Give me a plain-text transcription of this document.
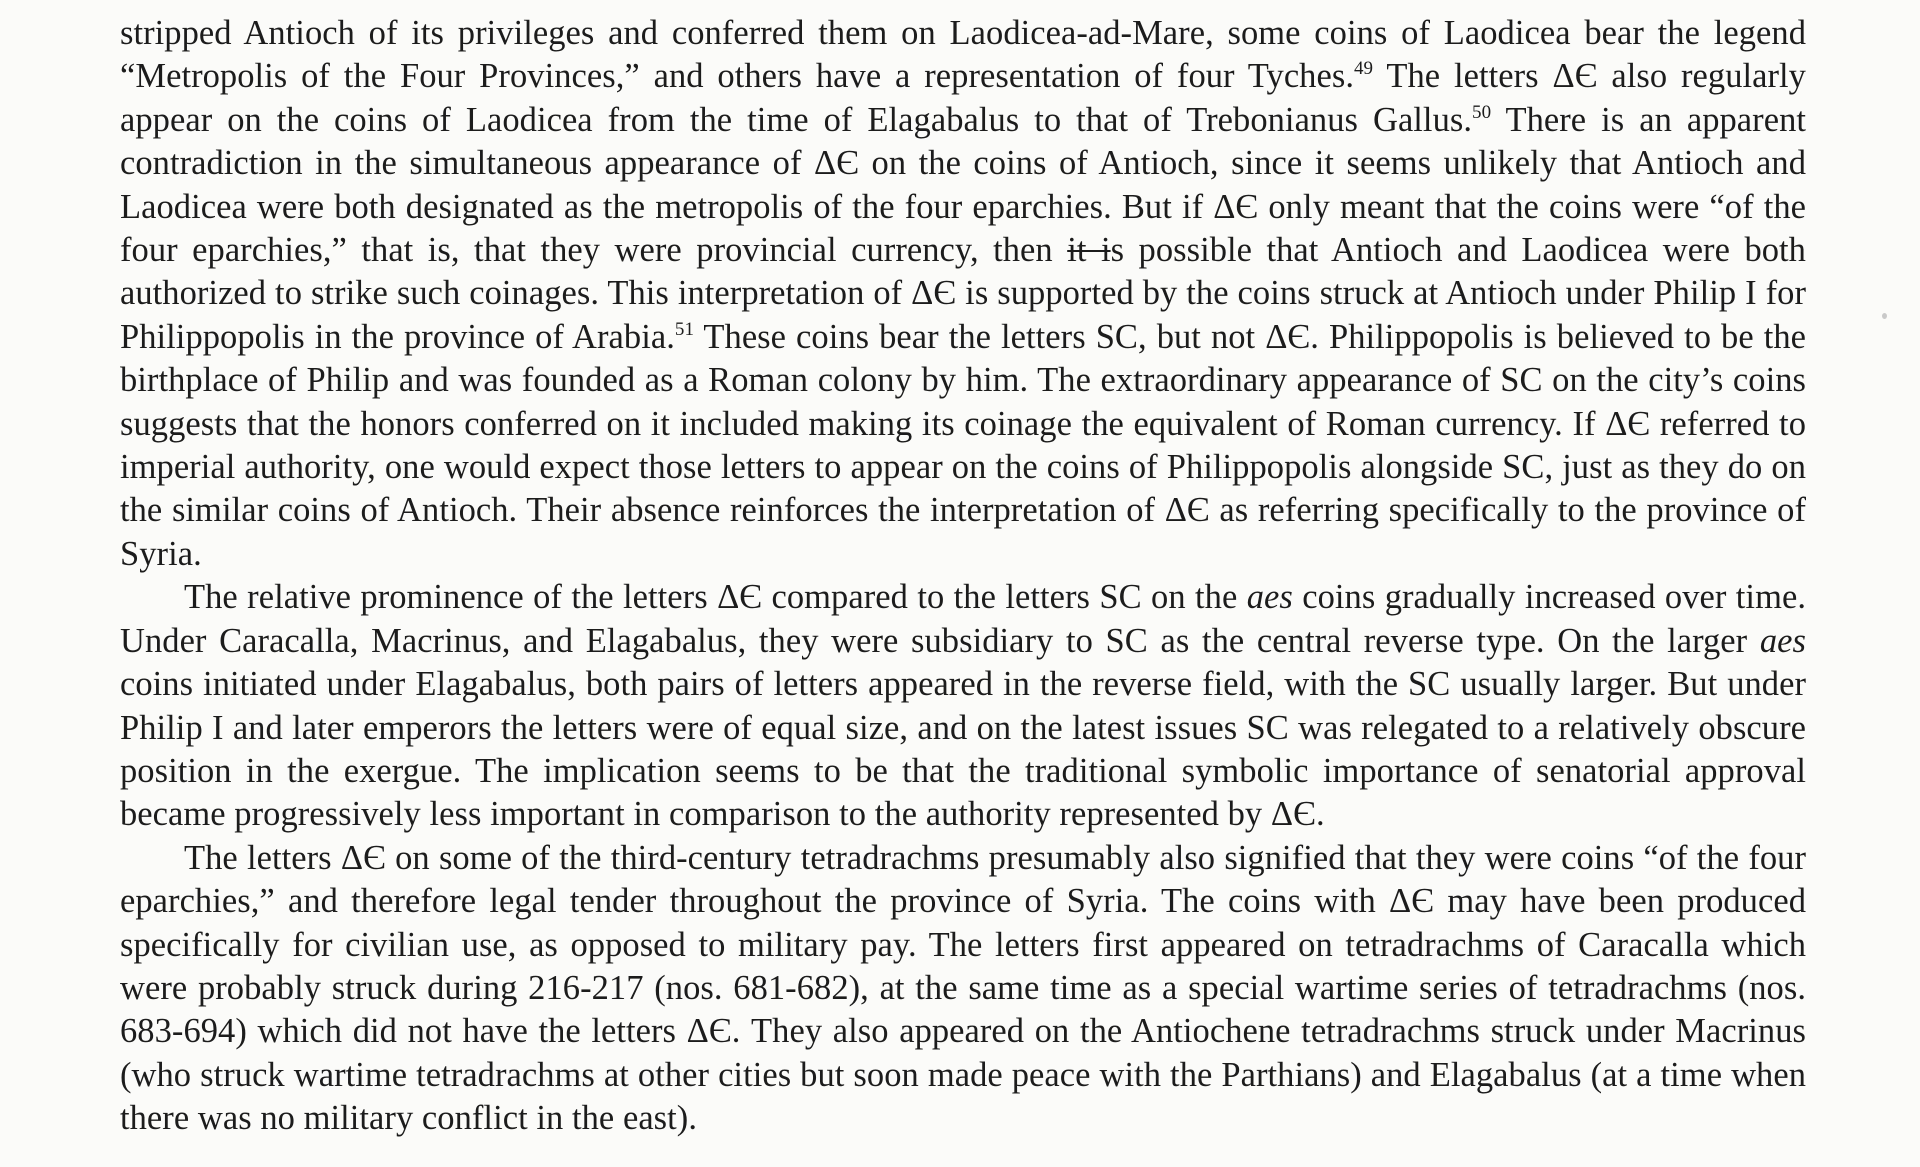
stripped Antioch of its privileges and conferred them on Laodicea-ad-Mare, some coins of Laodicea bear the legend “Metropolis of the Four Provinces,” and others have a representation of four Tyches.$^{49}$ The letters ΔЄ also regularly appear on the coins of Laodicea from the time of Elagabalus to that of Trebonianus Gallus.$^{50}$ There is an apparent contradiction in the simultaneous appearance of ΔЄ on the coins of Antioch, since it seems unlikely that Antioch and Laodicea were both designated as the metropolis of the four eparchies. But if ΔЄ only meant that the coins were “of the four eparchies,” that is, that they were provincial currency, then it is possible that Antioch and Laodicea were both authorized to strike such coinages. This interpretation of ΔЄ is supported by the coins struck at Antioch under Philip I for Philippopolis in the province of Arabia.$^{51}$ These coins bear the letters SC, but not ΔЄ. Philippopolis is believed to be the birthplace of Philip and was founded as a Roman colony by him. The extraordinary appearance of SC on the city’s coins suggests that the honors conferred on it included making its coinage the equivalent of Roman currency. If ΔЄ referred to imperial authority, one would expect those letters to appear on the coins of Philippopolis alongside SC, just as they do on the similar coins of Antioch. Their absence reinforces the interpretation of ΔЄ as referring specifically to the province of Syria.

The relative prominence of the letters ΔЄ compared to the letters SC on the aes coins gradually increased over time. Under Caracalla, Macrinus, and Elagabalus, they were subsidiary to SC as the central reverse type. On the larger aes coins initiated under Elagabalus, both pairs of letters appeared in the reverse field, with the SC usually larger. But under Philip I and later emperors the letters were of equal size, and on the latest issues SC was relegated to a relatively obscure position in the exergue. The implication seems to be that the traditional symbolic importance of senatorial approval became progressively less important in comparison to the authority represented by ΔЄ.

The letters ΔЄ on some of the third-century tetradrachms presumably also signified that they were coins “of the four eparchies,” and therefore legal tender throughout the province of Syria. The coins with ΔЄ may have been produced specifically for civilian use, as opposed to military pay. The letters first appeared on tetradrachms of Caracalla which were probably struck during 216-217 (nos. 681-682), at the same time as a special wartime series of tetradrachms (nos. 683-694) which did not have the letters ΔЄ. They also appeared on the Antiochene tetradrachms struck under Macrinus (who struck wartime tetradrachms at other cities but soon made peace with the Parthians) and Elagabalus (at a time when there was no military conflict in the east).
